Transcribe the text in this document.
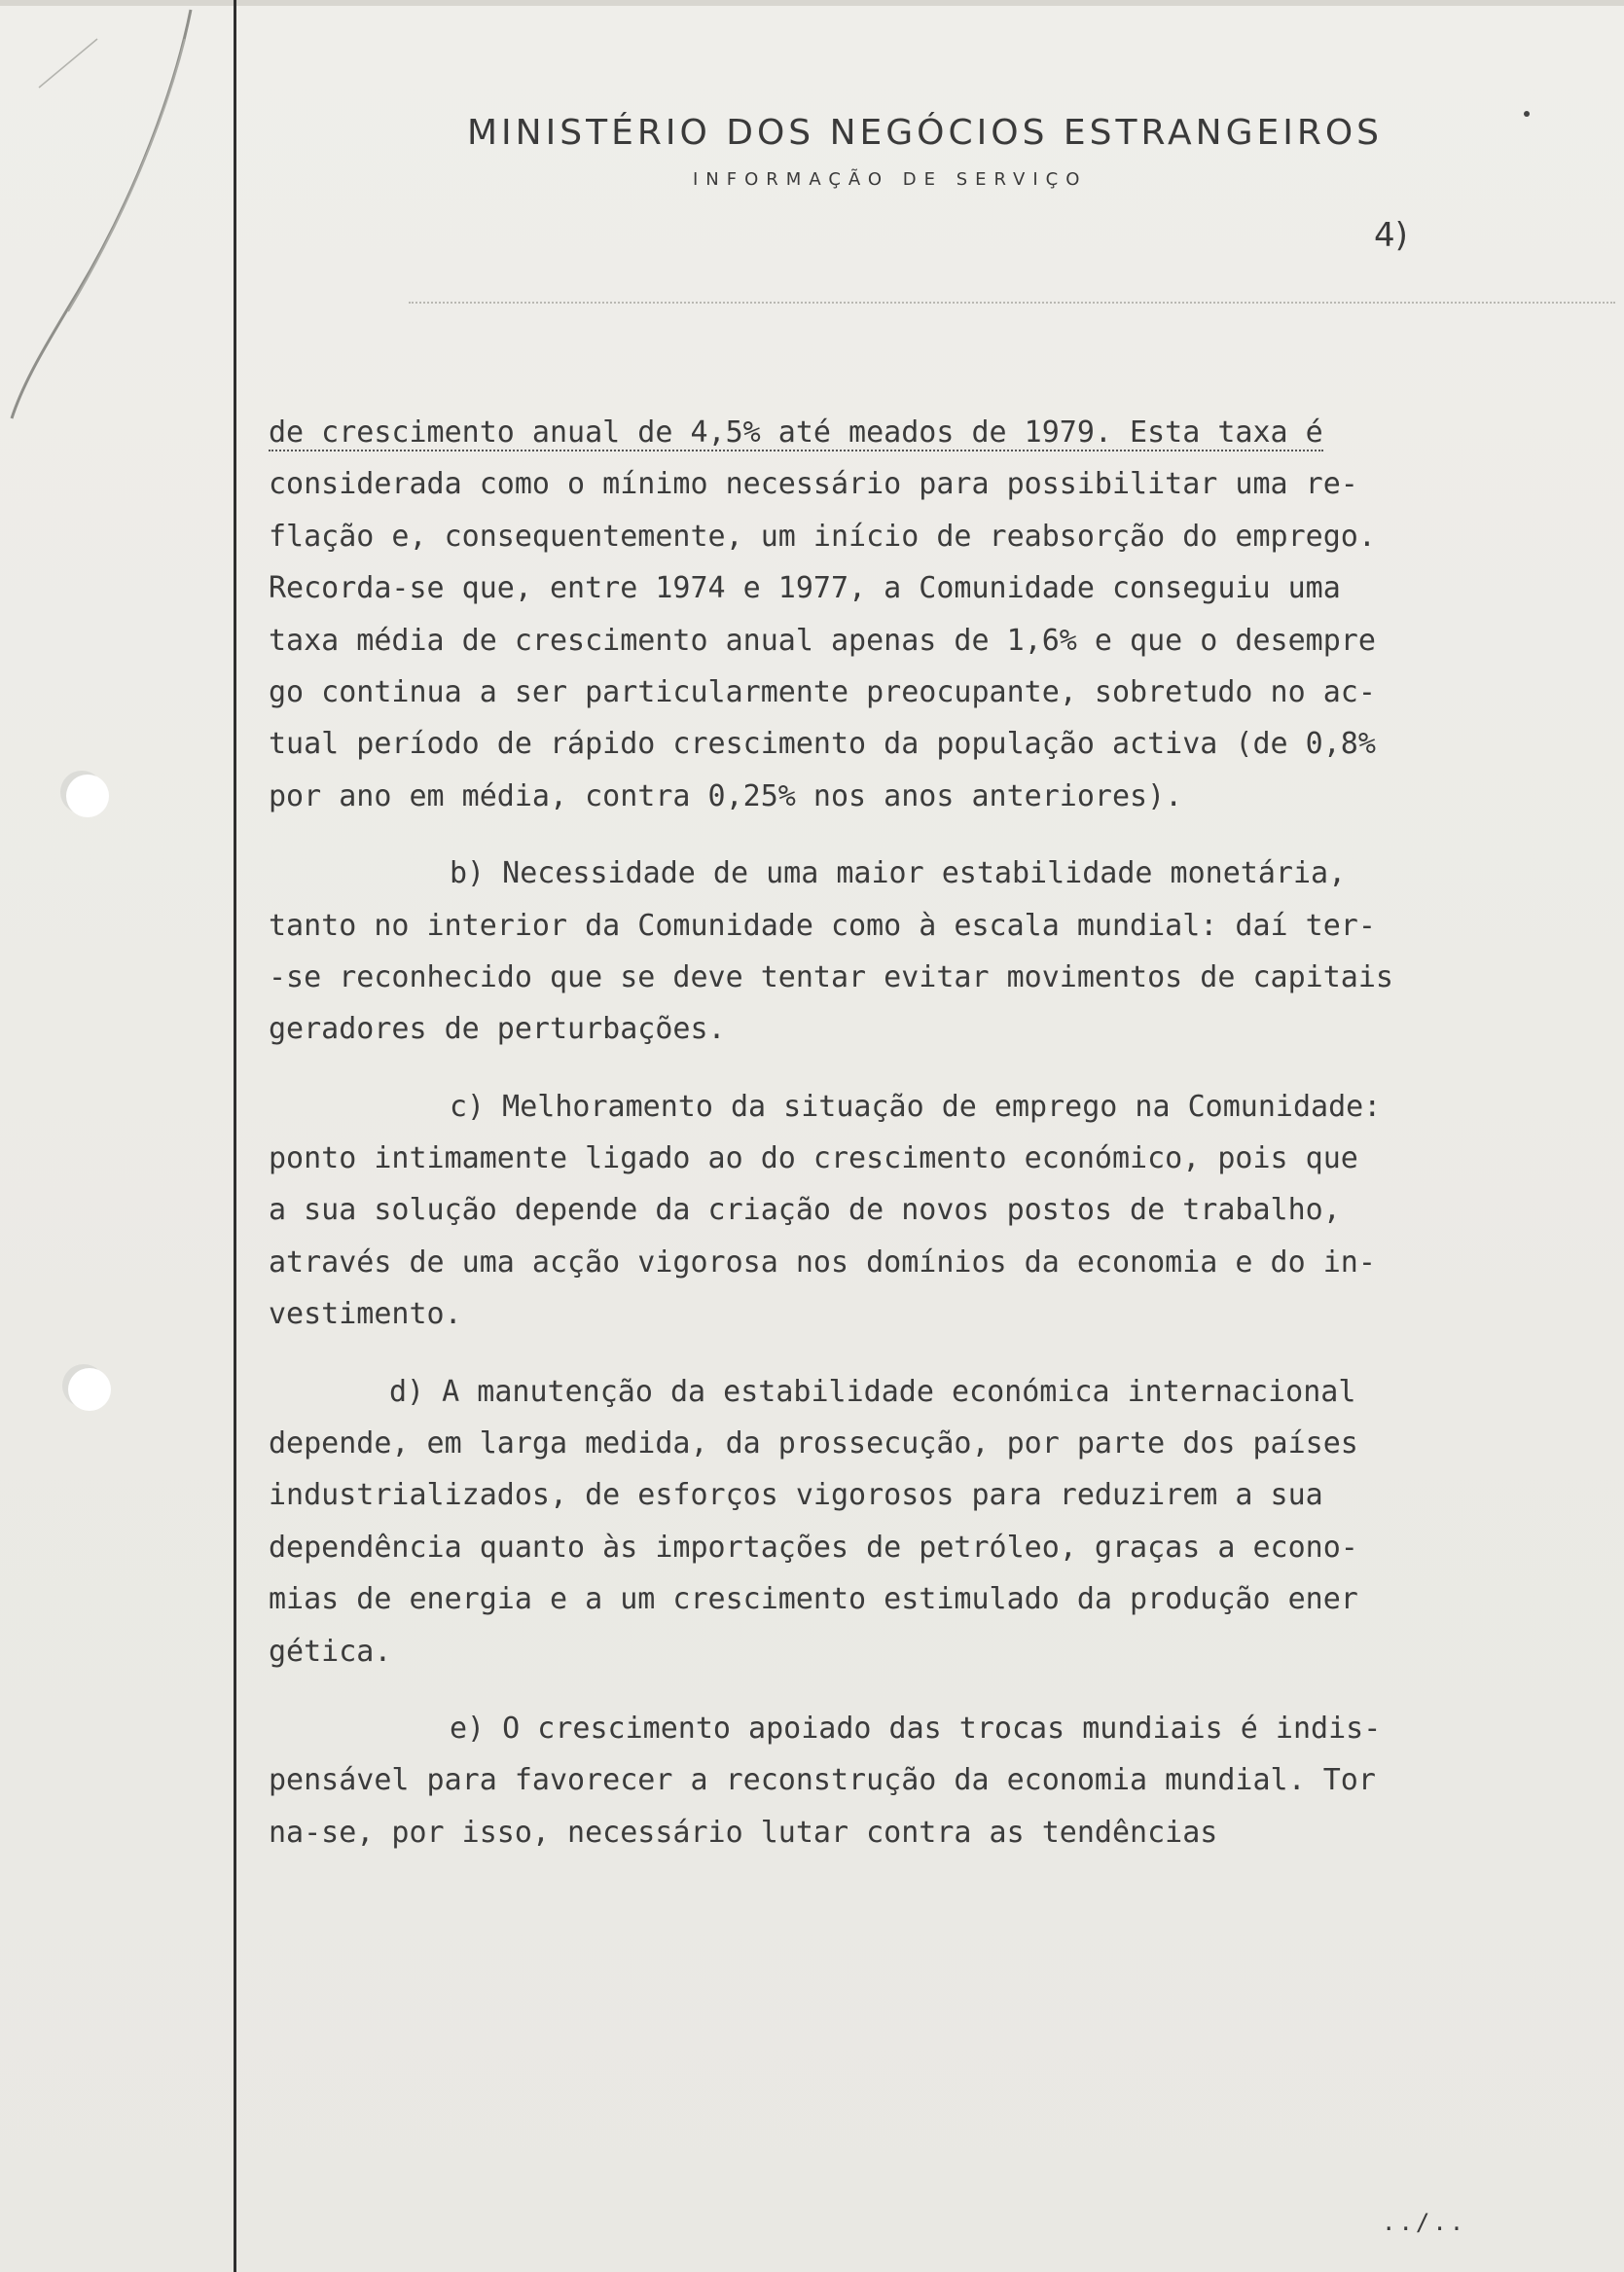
MINISTÉRIO DOS NEGÓCIOS ESTRANGEIROS
INFORMAÇÃO DE SERVIÇO
4)
de crescimento anual de 4,5% até meados de 1979. Esta taxa é
considerada como o mínimo necessário para possibilitar uma re-
flação e, consequentemente, um início de reabsorção do emprego.
Recorda-se que, entre 1974 e 1977, a Comunidade conseguiu uma
taxa média de crescimento anual apenas de 1,6% e que o desempre
go continua a ser particularmente preocupante, sobretudo no ac-
tual período de rápido crescimento da população activa (de 0,8%
por ano em média, contra 0,25% nos anos anteriores).
b) Necessidade de uma maior estabilidade monetária,
tanto no interior da Comunidade como à escala mundial: daí ter-
-se reconhecido que se deve tentar evitar movimentos de capitais
geradores de perturbações.
c) Melhoramento da situação de emprego na Comunidade:
ponto intimamente ligado ao do crescimento económico, pois que
a sua solução depende da criação de novos postos de trabalho,
através de uma acção vigorosa nos domínios da economia e do in-
vestimento.
d) A manutenção da estabilidade económica internacional
depende, em larga medida, da prossecução, por parte dos países
industrializados, de esforços vigorosos para reduzirem a sua
dependência quanto às importações de petróleo, graças a econo-
mias de energia e a um crescimento estimulado da produção ener
gética.
e) O crescimento apoiado das trocas mundiais é indis-
pensável para favorecer a reconstrução da economia mundial. Tor
na-se, por isso, necessário lutar contra as tendências
../..
